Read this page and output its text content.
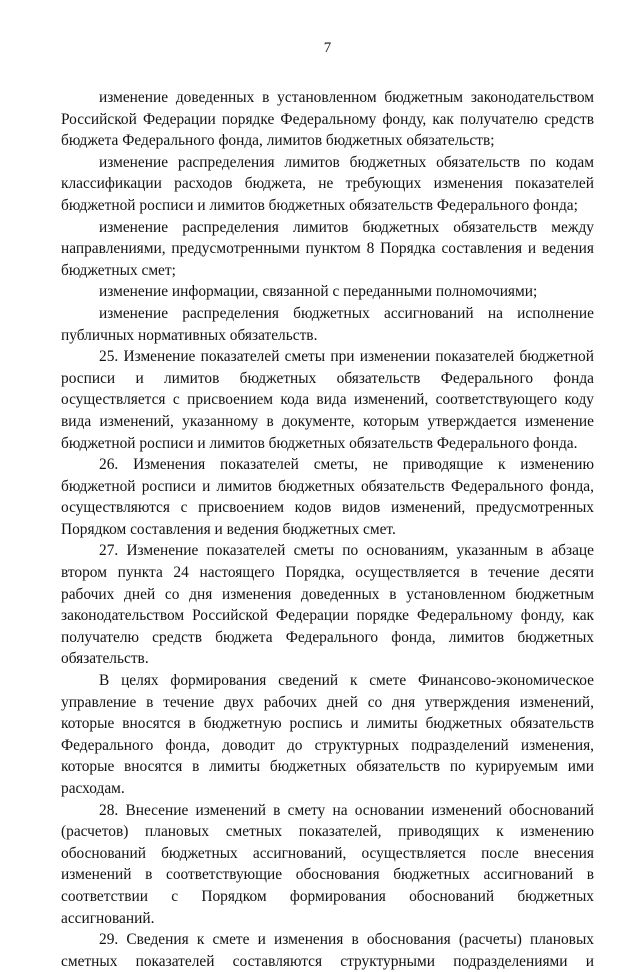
7

изменение доведенных в установленном бюджетным законодательством Российской Федерации порядке Федеральному фонду, как получателю средств бюджета Федерального фонда, лимитов бюджетных обязательств;

изменение распределения лимитов бюджетных обязательств по кодам классификации расходов бюджета, не требующих изменения показателей бюджетной росписи и лимитов бюджетных обязательств Федерального фонда;

изменение распределения лимитов бюджетных обязательств между направлениями, предусмотренными пунктом 8 Порядка составления и ведения бюджетных смет;

изменение информации, связанной с переданными полномочиями;

изменение распределения бюджетных ассигнований на исполнение публичных нормативных обязательств.

25. Изменение показателей сметы при изменении показателей бюджетной росписи и лимитов бюджетных обязательств Федерального фонда осуществляется с присвоением кода вида изменений, соответствующего коду вида изменений, указанному в документе, которым утверждается изменение бюджетной росписи и лимитов бюджетных обязательств Федерального фонда.

26. Изменения показателей сметы, не приводящие к изменению бюджетной росписи и лимитов бюджетных обязательств Федерального фонда, осуществляются с присвоением кодов видов изменений, предусмотренных Порядком составления и ведения бюджетных смет.

27. Изменение показателей сметы по основаниям, указанным в абзаце втором пункта 24 настоящего Порядка, осуществляется в течение десяти рабочих дней со дня изменения доведенных в установленном бюджетным законодательством Российской Федерации порядке Федеральному фонду, как получателю средств бюджета Федерального фонда, лимитов бюджетных обязательств.

В целях формирования сведений к смете Финансово-экономическое управление в течение двух рабочих дней со дня утверждения изменений, которые вносятся в бюджетную роспись и лимиты бюджетных обязательств Федерального фонда, доводит до структурных подразделений изменения, которые вносятся в лимиты бюджетных обязательств по курируемым ими расходам.

28. Внесение изменений в смету на основании изменений обоснований (расчетов) плановых сметных показателей, приводящих к изменению обоснований бюджетных ассигнований, осуществляется после внесения изменений в соответствующие обоснования бюджетных ассигнований в соответствии с Порядком формирования обоснований бюджетных ассигнований.

29. Сведения к смете и изменения в обоснования (расчеты) плановых сметных показателей составляются структурными подразделениями и
